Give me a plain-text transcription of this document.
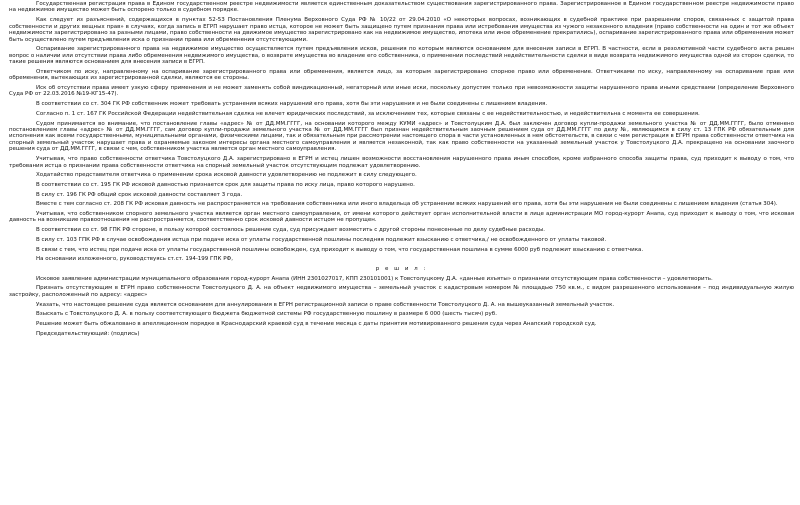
Государственная регистрация права в Едином государственном реестре недвижимости является единственным доказательством существования зарегистрированного права. Зарегистрированное в Едином государственном реестре недвижимости право на недвижимое имущество может быть оспорено только в судебном порядке.

Как следует из разъяснений, содержащихся в пунктах 52-53 Постановления Пленума Верховного Суда РФ № 10/22 от 29.04.2010 «О некоторых вопросах, возникающих в судебной практике при разрешении споров, связанных с защитой права собственности и других вещных прав» в случаях, когда запись в ЕГРП нарушает право истца, которое не может быть защищено путем признания права или истребования имущества из чужого незаконного владения (право собственности на один и тот же объект недвижимости зарегистрировано за разными лицами, право собственности на движимое имущество зарегистрировано как на недвижимое имущество, ипотека или иное обременение прекратились), оспаривание зарегистрированного права или обременения может быть осуществлено путем предъявления иска о признании права или обременения отсутствующими.

Оспаривание зарегистрированного права на недвижимое имущество осуществляется путем предъявления исков, решения по которым являются основанием для внесения записи в ЕГРП. В частности, если в резолютивной части судебного акта решен вопрос о наличии или отсутствии права либо обременения недвижимого имущества, о возврате имущества во владение его собственника, о применении последствий недействительности сделки в виде возврата недвижимого имущества одной из сторон сделки, то такие решения являются основанием для внесения записи в ЕГРП.

Ответчиком по иску, направленному на оспаривание зарегистрированного права или обременения, является лицо, за которым зарегистрировано спорное право или обременение. Ответчиками по иску, направленному на оспаривание прав или обременения, вытекающих из зарегистрированной сделки, являются ее стороны.

Иск об отсутствии права имеет узкую сферу применения и не может заменять собой виндикационный, негаторный или иные иски, поскольку допустим только при невозможности защиты нарушенного права иными средствами (определение Верховного Суда РФ от 22.03.2016 №19-КГ15-47).

В соответствии со ст. 304 ГК РФ собственник может требовать устранения всяких нарушений его права, хотя бы эти нарушения и не были соединены с лишением владения.

Согласно п. 1 ст. 167 ГК Российской Федерации недействительная сделка не влечет юридических последствий, за исключением тех, которые связаны с ее недействительностью, и недействительна с момента ее совершения.

Судом принимается во внимание, что постановление главы «адрес» № от ДД.ММ.ГГГГ, на основании которого между КУМИ «адрес» и Товстолуцким Д.А. был заключен договор купли-продажи земельного участка № от ДД.ММ.ГГГГ, было отменено постановлением главы «адрес» № от ДД.ММ.ГГГГ, сам договор купли-продажи земельного участка № от ДД.ММ.ГГГГ был признан недействительным заочным решением суда от ДД.ММ.ГГГГ по делу №, являющимся в силу ст. 13 ГПК РФ обязательным для исполнения как всеми государственными, муниципальными органами, физическими лицами, так и обязательным при рассмотрении настоящего спора в части установленных в нем обстоятельств, в связи с чем регистрация в ЕГРН права собственности ответчика на спорный земельный участок нарушает права и охраняемые законом интересы органа местного самоуправления и является незаконной, так как право собственности на указанный земельный участок у Товстолуцкого Д.А. прекращено на основании заочного решения суда от ДД.ММ.ГГГГ, в связи с чем, собственником участка является орган местного самоуправления.

Учитывая, что право собственности ответчика Товстолуцкого Д.А. зарегистрировано в ЕГРН и истец лишен возможности восстановления нарушенного права иным способом, кроме избранного способа защиты права, суд приходит к выводу о том, что требования истца о признании права собственности ответчика на спорный земельный участок отсутствующим подлежат удовлетворению.

Ходатайство представителя ответчика о применении срока исковой давности удовлетворению не подлежит в силу следующего.

В соответствии со ст. 195 ГК РФ исковой давностью признается срок для защиты права по иску лица, право которого нарушено.

В силу ст. 196 ГК РФ общий срок исковой давности составляет 3 года.

Вместе с тем согласно ст. 208 ГК РФ исковая давность не распространяется на требования собственника или иного владельца об устранении всяких нарушений его права, хотя бы эти нарушения не были соединены с лишением владения (статья 304).

Учитывая, что собственником спорного земельного участка является орган местного самоуправления, от имени которого действует орган исполнительной власти в лице администрации МО город-курорт Анапа, суд приходит к выводу о том, что исковая давность на возникшие правоотношения не распространяется, соответственно срок исковой давности истцом не пропущен.

В соответствии со ст. 98 ГПК РФ стороне, в пользу которой состоялось решение суда, суд присуждает возместить с другой стороны понесенные по делу судебные расходы.

В силу ст. 103 ГПК РФ в случае освобождения истца при подаче иска от уплаты государственной пошлины последняя подлежит взысканию с ответчика,/ не освобожденного от уплаты таковой.

В связи с тем, что истец при подаче иска от уплаты государственной пошлины освобожден, суд приходит к выводу о том, что государственная пошлина в сумме 6000 руб подлежит взысканию с ответчика.

На основании изложенного, руководствуясь ст.ст. 194-199 ГПК РФ,

р е ш и л :

Исковое заявление администрации муниципального образования город-курорт Анапа (ИНН 2301027017, КПП 230101001) к Товстолуцкому Д.А. «данные изъяты» о признании отсутствующим права собственности – удовлетворить.

Признать отсутствующим в ЕГРН право собственности Товстолуцкого Д. А. на объект недвижимого имущества – земельный участок с кадастровым номером № площадью 750 кв.м., с видом разрешенного использования – под индивидуальную жилую застройку, расположенный по адресу: «адрес»

Указать, что настоящее решение суда является основанием для аннулирования в ЕГРН регистрационной записи о праве собственности Товстолуцкого Д. А. на вышеуказанный земельный участок.

Взыскать с Товстолуцкого Д. А. в пользу соответствующего бюджета бюджетной системы РФ государственную пошлину в размере 6 000 (шесть тысяч) руб.

Решение может быть обжаловано в апелляционном порядке в Краснодарский краевой суд в течение месяца с даты принятия мотивированного решения суда через Анапский городской суд.

Председательствующий: (подпись)
